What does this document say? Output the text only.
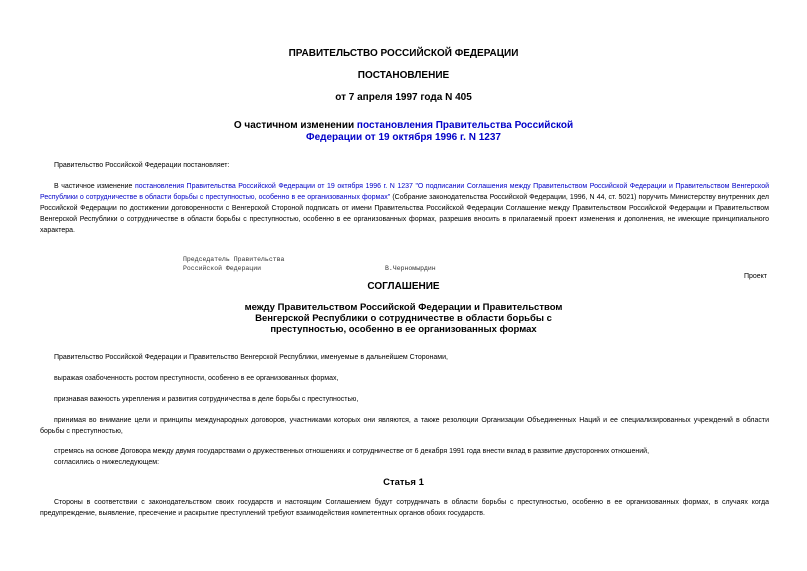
ПРАВИТЕЛЬСТВО РОССИЙСКОЙ ФЕДЕРАЦИИ
ПОСТАНОВЛЕНИЕ
от 7 апреля 1997 года N 405
О частичном изменении постановления Правительства Российской
Федерации от 19 октября 1996 г. N 1237
Правительство Российской Федерации постановляет:
В частичное изменение постановления Правительства Российской Федерации от 19 октября 1996 г. N 1237 "О подписании Соглашения между Правительством Российской Федерации и Правительством Венгерской Республики о сотрудничестве в области борьбы с преступностью, особенно в ее организованных формах" (Собрание законодательства Российской Федерации, 1996, N 44, ст. 5021) поручить Министерству внутренних дел Российской Федерации по достижении договоренности с Венгерской Стороной подписать от имени Правительства Российской Федерации Соглашение между Правительством Российской Федерации и Правительством Венгерской Республики о сотрудничестве в области борьбы с преступностью, особенно в ее организованных формах, разрешив вносить в прилагаемый проект изменения и дополнения, не имеющие принципиального характера.
Председатель Правительства
Российской Федерации	В.Черномырдин
Проект
СОГЛАШЕНИЕ
между Правительством Российской Федерации и Правительством
Венгерской Республики о сотрудничестве в области борьбы с
преступностью, особенно в ее организованных формах
Правительство Российской Федерации и Правительство Венгерской Республики, именуемые в дальнейшем Сторонами,
выражая озабоченность ростом преступности, особенно в ее организованных формах,
признавая важность укрепления и развития сотрудничества в деле борьбы с преступностью,
принимая во внимание цели и принципы международных договоров, участниками которых они являются, а также резолюции Организации Объединенных Наций и ее специализированных учреждений в области борьбы с преступностью,
стремясь на основе Договора между двумя государствами о дружественных отношениях и сотрудничестве от 6 декабря 1991 года внести вклад в развитие двусторонних отношений,
согласились о нижеследующем:
Статья 1
Стороны в соответствии с законодательством своих государств и настоящим Соглашением будут сотрудничать в области борьбы с преступностью, особенно в ее организованных формах, в случаях когда предупреждение, выявление, пресечение и раскрытие преступлений требуют взаимодействия компетентных органов обоих государств.
